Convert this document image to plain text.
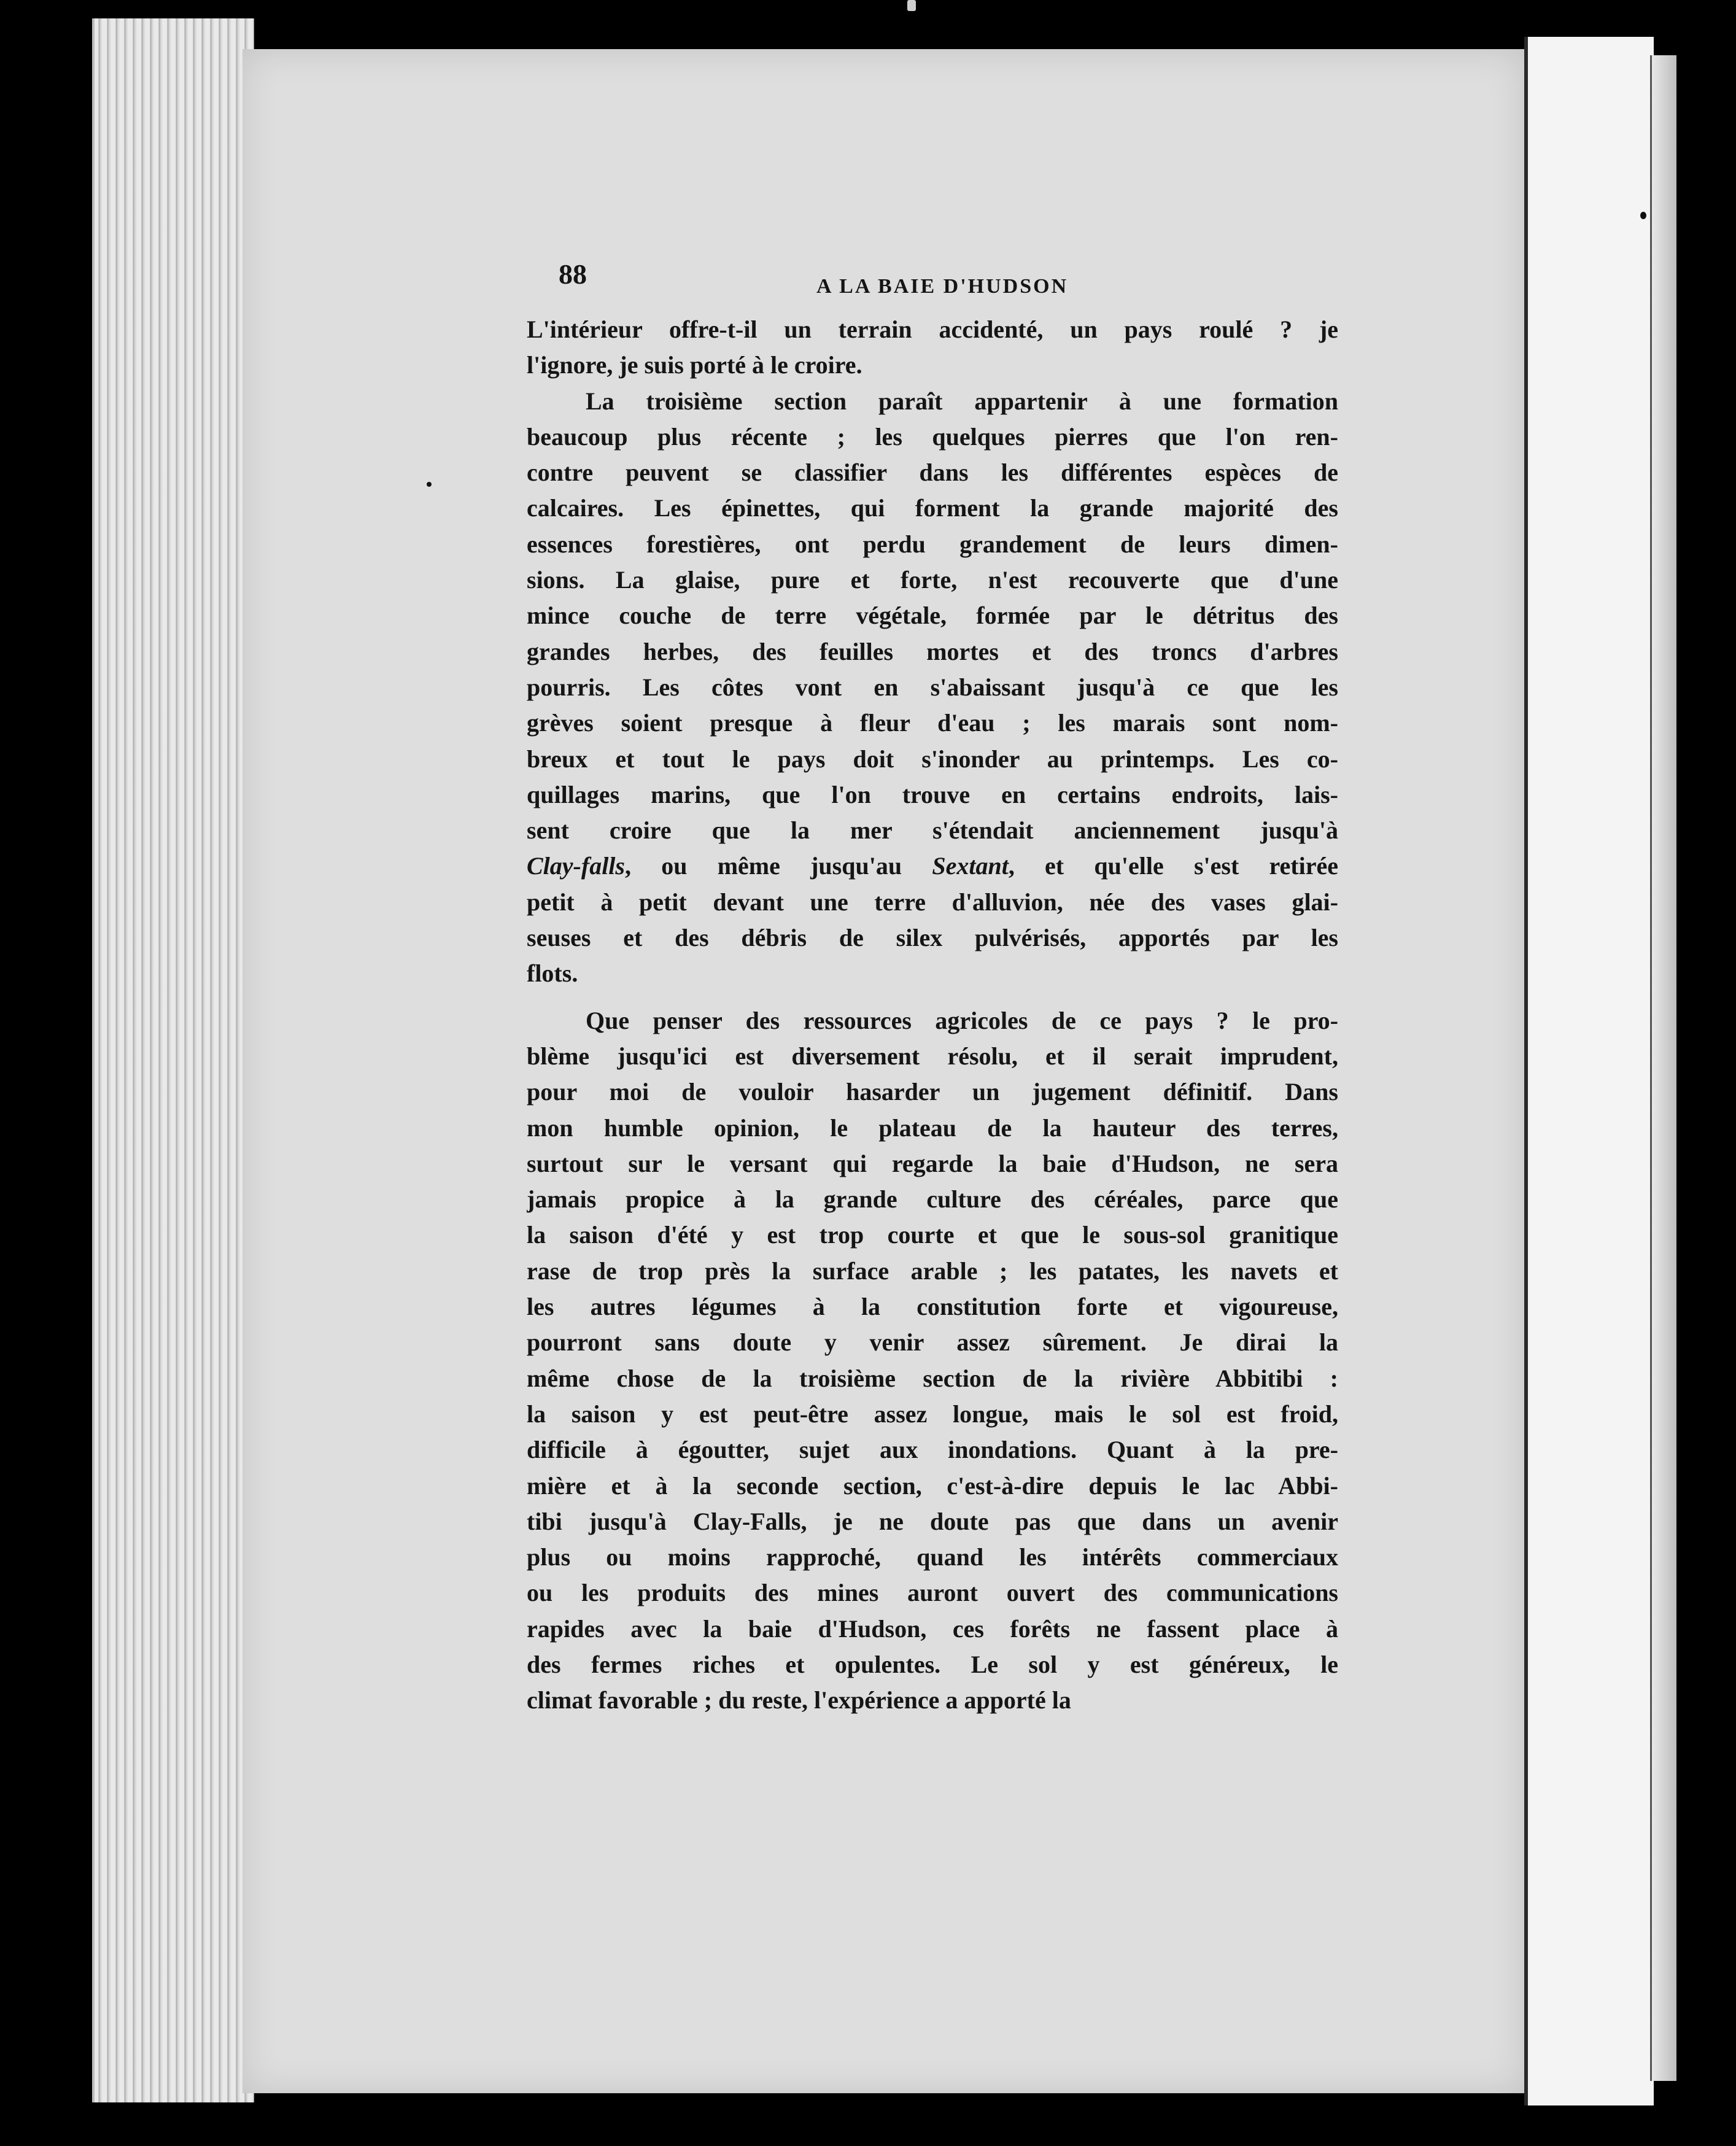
88	A LA BAIE D'HUDSON
L'intérieur offre-t-il un terrain accidenté, un pays roulé ? je
l'ignore, je suis porté à le croire.
La troisième section paraît appartenir à une formation
beaucoup plus récente ; les quelques pierres que l'on ren-
contre peuvent se classifier dans les différentes espèces de
calcaires. Les épinettes, qui forment la grande majorité des
essences forestières, ont perdu grandement de leurs dimen-
sions. La glaise, pure et forte, n'est recouverte que d'une
mince couche de terre végétale, formée par le détritus des
grandes herbes, des feuilles mortes et des troncs d'arbres
pourris. Les côtes vont en s'abaissant jusqu'à ce que les
grèves soient presque à fleur d'eau ; les marais sont nom-
breux et tout le pays doit s'inonder au printemps. Les co-
quillages marins, que l'on trouve en certains endroits, lais-
sent croire que la mer s'étendait anciennement jusqu'à
Clay-falls, ou même jusqu'au Sextant, et qu'elle s'est retirée
petit à petit devant une terre d'alluvion, née des vases glai-
seuses et des débris de silex pulvérisés, apportés par les
flots.
Que penser des ressources agricoles de ce pays ? le pro-
blème jusqu'ici est diversement résolu, et il serait imprudent,
pour moi de vouloir hasarder un jugement définitif. Dans
mon humble opinion, le plateau de la hauteur des terres,
surtout sur le versant qui regarde la baie d'Hudson, ne sera
jamais propice à la grande culture des céréales, parce que
la saison d'été y est trop courte et que le sous-sol granitique
rase de trop près la surface arable ; les patates, les navets et
les autres légumes à la constitution forte et vigoureuse,
pourront sans doute y venir assez sûrement. Je dirai la
même chose de la troisième section de la rivière Abbitibi :
la saison y est peut-être assez longue, mais le sol est froid,
difficile à égoutter, sujet aux inondations. Quant à la pre-
mière et à la seconde section, c'est-à-dire depuis le lac Abbi-
tibi jusqu'à Clay-Falls, je ne doute pas que dans un avenir
plus ou moins rapproché, quand les intérêts commerciaux
ou les produits des mines auront ouvert des communications
rapides avec la baie d'Hudson, ces forêts ne fassent place à
des fermes riches et opulentes. Le sol y est généreux, le
climat favorable ; du reste, l'expérience a apporté la
